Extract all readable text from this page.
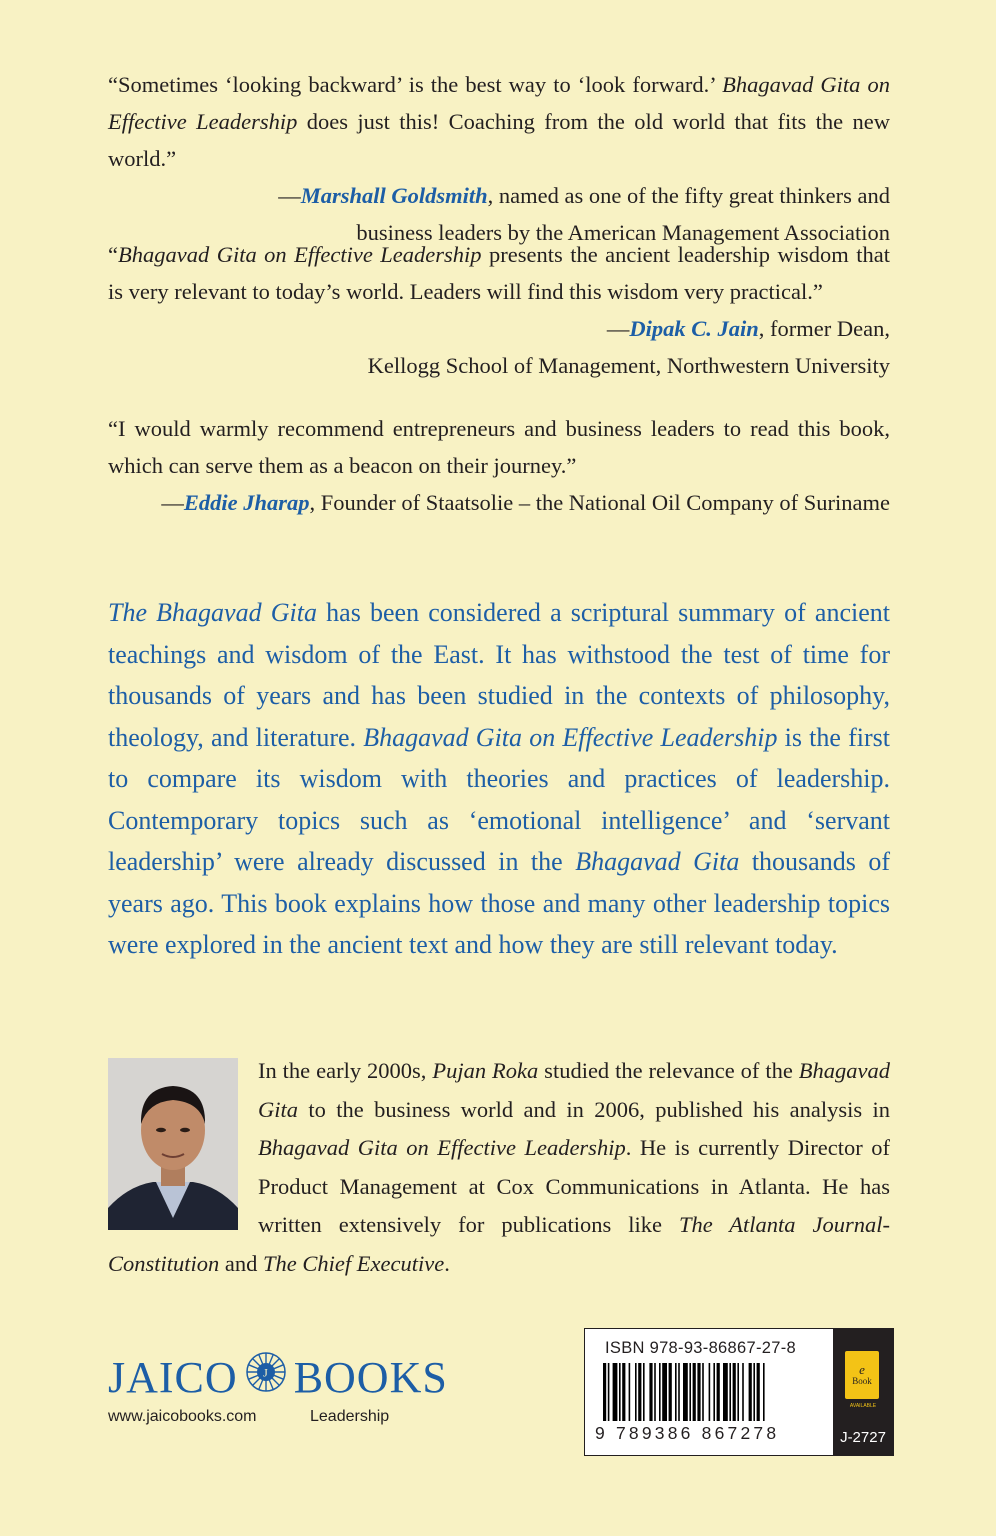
“Sometimes ‘looking backward’ is the best way to ‘look forward.’ Bhagavad Gita on Effective Leadership does just this! Coaching from the old world that fits the new world.”

—Marshall Goldsmith, named as one of the fifty great thinkers and

business leaders by the American Management Association

“Bhagavad Gita on Effective Leadership presents the ancient leadership wisdom that is very relevant to today’s world. Leaders will find this wisdom very practical.”

—Dipak C. Jain, former Dean,

Kellogg School of Management, Northwestern University

“I would warmly recommend entrepreneurs and business leaders to read this book, which can serve them as a beacon on their journey.”

—Eddie Jharap, Founder of Staatsolie – the National Oil Company of Suriname

The Bhagavad Gita has been considered a scriptural summary of ancient teachings and wisdom of the East. It has withstood the test of time for thousands of years and has been studied in the contexts of philosophy, theology, and literature. Bhagavad Gita on Effective Leadership is the first to compare its wisdom with theories and practices of leadership. Contemporary topics such as ‘emotional intelligence’ and ‘servant leadership’ were already discussed in the Bhagavad Gita thousands of years ago. This book explains how those and many other leadership topics were explored in the ancient text and how they are still relevant today.

In the early 2000s, Pujan Roka studied the relevance of the Bhagavad Gita to the business world and in 2006, published his analysis in Bhagavad Gita on Effective Leadership. He is currently Director of Product Management at Cox Communications in Atlanta. He has written extensively for publications like The Atlanta Journal-Constitution and The Chief Executive.

JAICO J BOOKS
www.jaicobooks.com	Leadership
ISBN 978-93-86867-27-8
9 789386 867278
e
Book
AVAILABLE
J-2727
